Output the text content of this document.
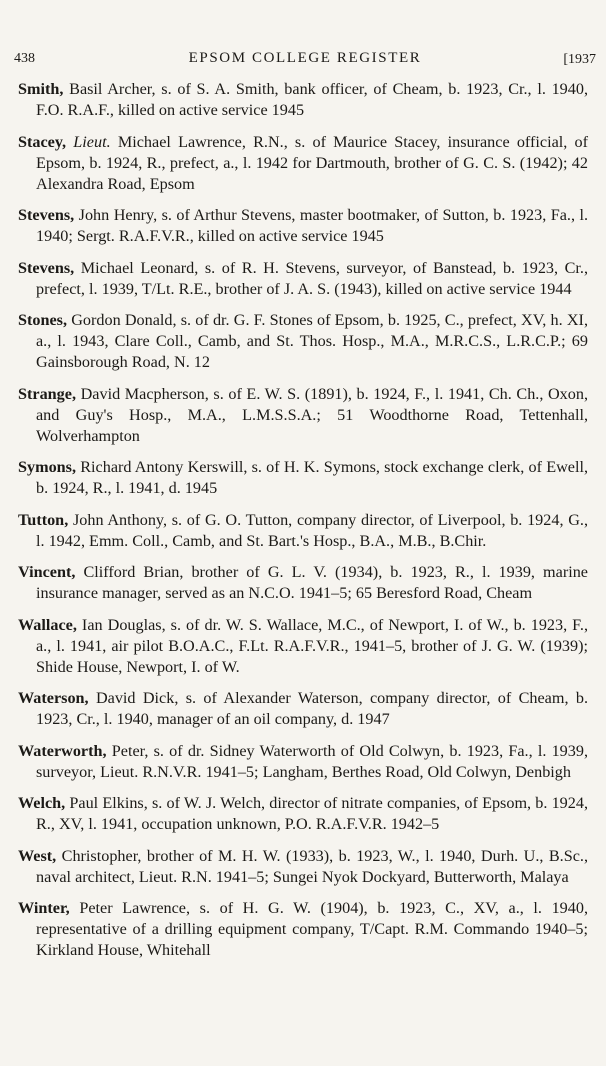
438	EPSOM COLLEGE REGISTER	[1937

Smith, Basil Archer, s. of S. A. Smith, bank officer, of Cheam, b. 1923, Cr., l. 1940, F.O. R.A.F., killed on active service 1945

Stacey, Lieut. Michael Lawrence, R.N., s. of Maurice Stacey, insurance official, of Epsom, b. 1924, R., prefect, a., l. 1942 for Dartmouth, brother of G. C. S. (1942); 42 Alexandra Road, Epsom

Stevens, John Henry, s. of Arthur Stevens, master bootmaker, of Sutton, b. 1923, Fa., l. 1940; Sergt. R.A.F.V.R., killed on active service 1945

Stevens, Michael Leonard, s. of R. H. Stevens, surveyor, of Banstead, b. 1923, Cr., prefect, l. 1939, T/Lt. R.E., brother of J. A. S. (1943), killed on active service 1944

Stones, Gordon Donald, s. of dr. G. F. Stones of Epsom, b. 1925, C., prefect, XV, h. XI, a., l. 1943, Clare Coll., Camb, and St. Thos. Hosp., M.A., M.R.C.S., L.R.C.P.; 69 Gainsborough Road, N. 12

Strange, David Macpherson, s. of E. W. S. (1891), b. 1924, F., l. 1941, Ch. Ch., Oxon, and Guy's Hosp., M.A., L.M.S.S.A.; 51 Woodthorne Road, Tettenhall, Wolverhampton

Symons, Richard Antony Kerswill, s. of H. K. Symons, stock exchange clerk, of Ewell, b. 1924, R., l. 1941, d. 1945

Tutton, John Anthony, s. of G. O. Tutton, company director, of Liverpool, b. 1924, G., l. 1942, Emm. Coll., Camb, and St. Bart.'s Hosp., B.A., M.B., B.Chir.

Vincent, Clifford Brian, brother of G. L. V. (1934), b. 1923, R., l. 1939, marine insurance manager, served as an N.C.O. 1941–5; 65 Beresford Road, Cheam

Wallace, Ian Douglas, s. of dr. W. S. Wallace, M.C., of Newport, I. of W., b. 1923, F., a., l. 1941, air pilot B.O.A.C., F.Lt. R.A.F.V.R., 1941–5, brother of J. G. W. (1939); Shide House, Newport, I. of W.

Waterson, David Dick, s. of Alexander Waterson, company director, of Cheam, b. 1923, Cr., l. 1940, manager of an oil company, d. 1947

Waterworth, Peter, s. of dr. Sidney Waterworth of Old Colwyn, b. 1923, Fa., l. 1939, surveyor, Lieut. R.N.V.R. 1941–5; Langham, Berthes Road, Old Colwyn, Denbigh

Welch, Paul Elkins, s. of W. J. Welch, director of nitrate companies, of Epsom, b. 1924, R., XV, l. 1941, occupation unknown, P.O. R.A.F.V.R. 1942–5

West, Christopher, brother of M. H. W. (1933), b. 1923, W., l. 1940, Durh. U., B.Sc., naval architect, Lieut. R.N. 1941–5; Sungei Nyok Dockyard, Butterworth, Malaya

Winter, Peter Lawrence, s. of H. G. W. (1904), b. 1923, C., XV, a., l. 1940, representative of a drilling equipment company, T/Capt. R.M. Commando 1940–5; Kirkland House, Whitehall
